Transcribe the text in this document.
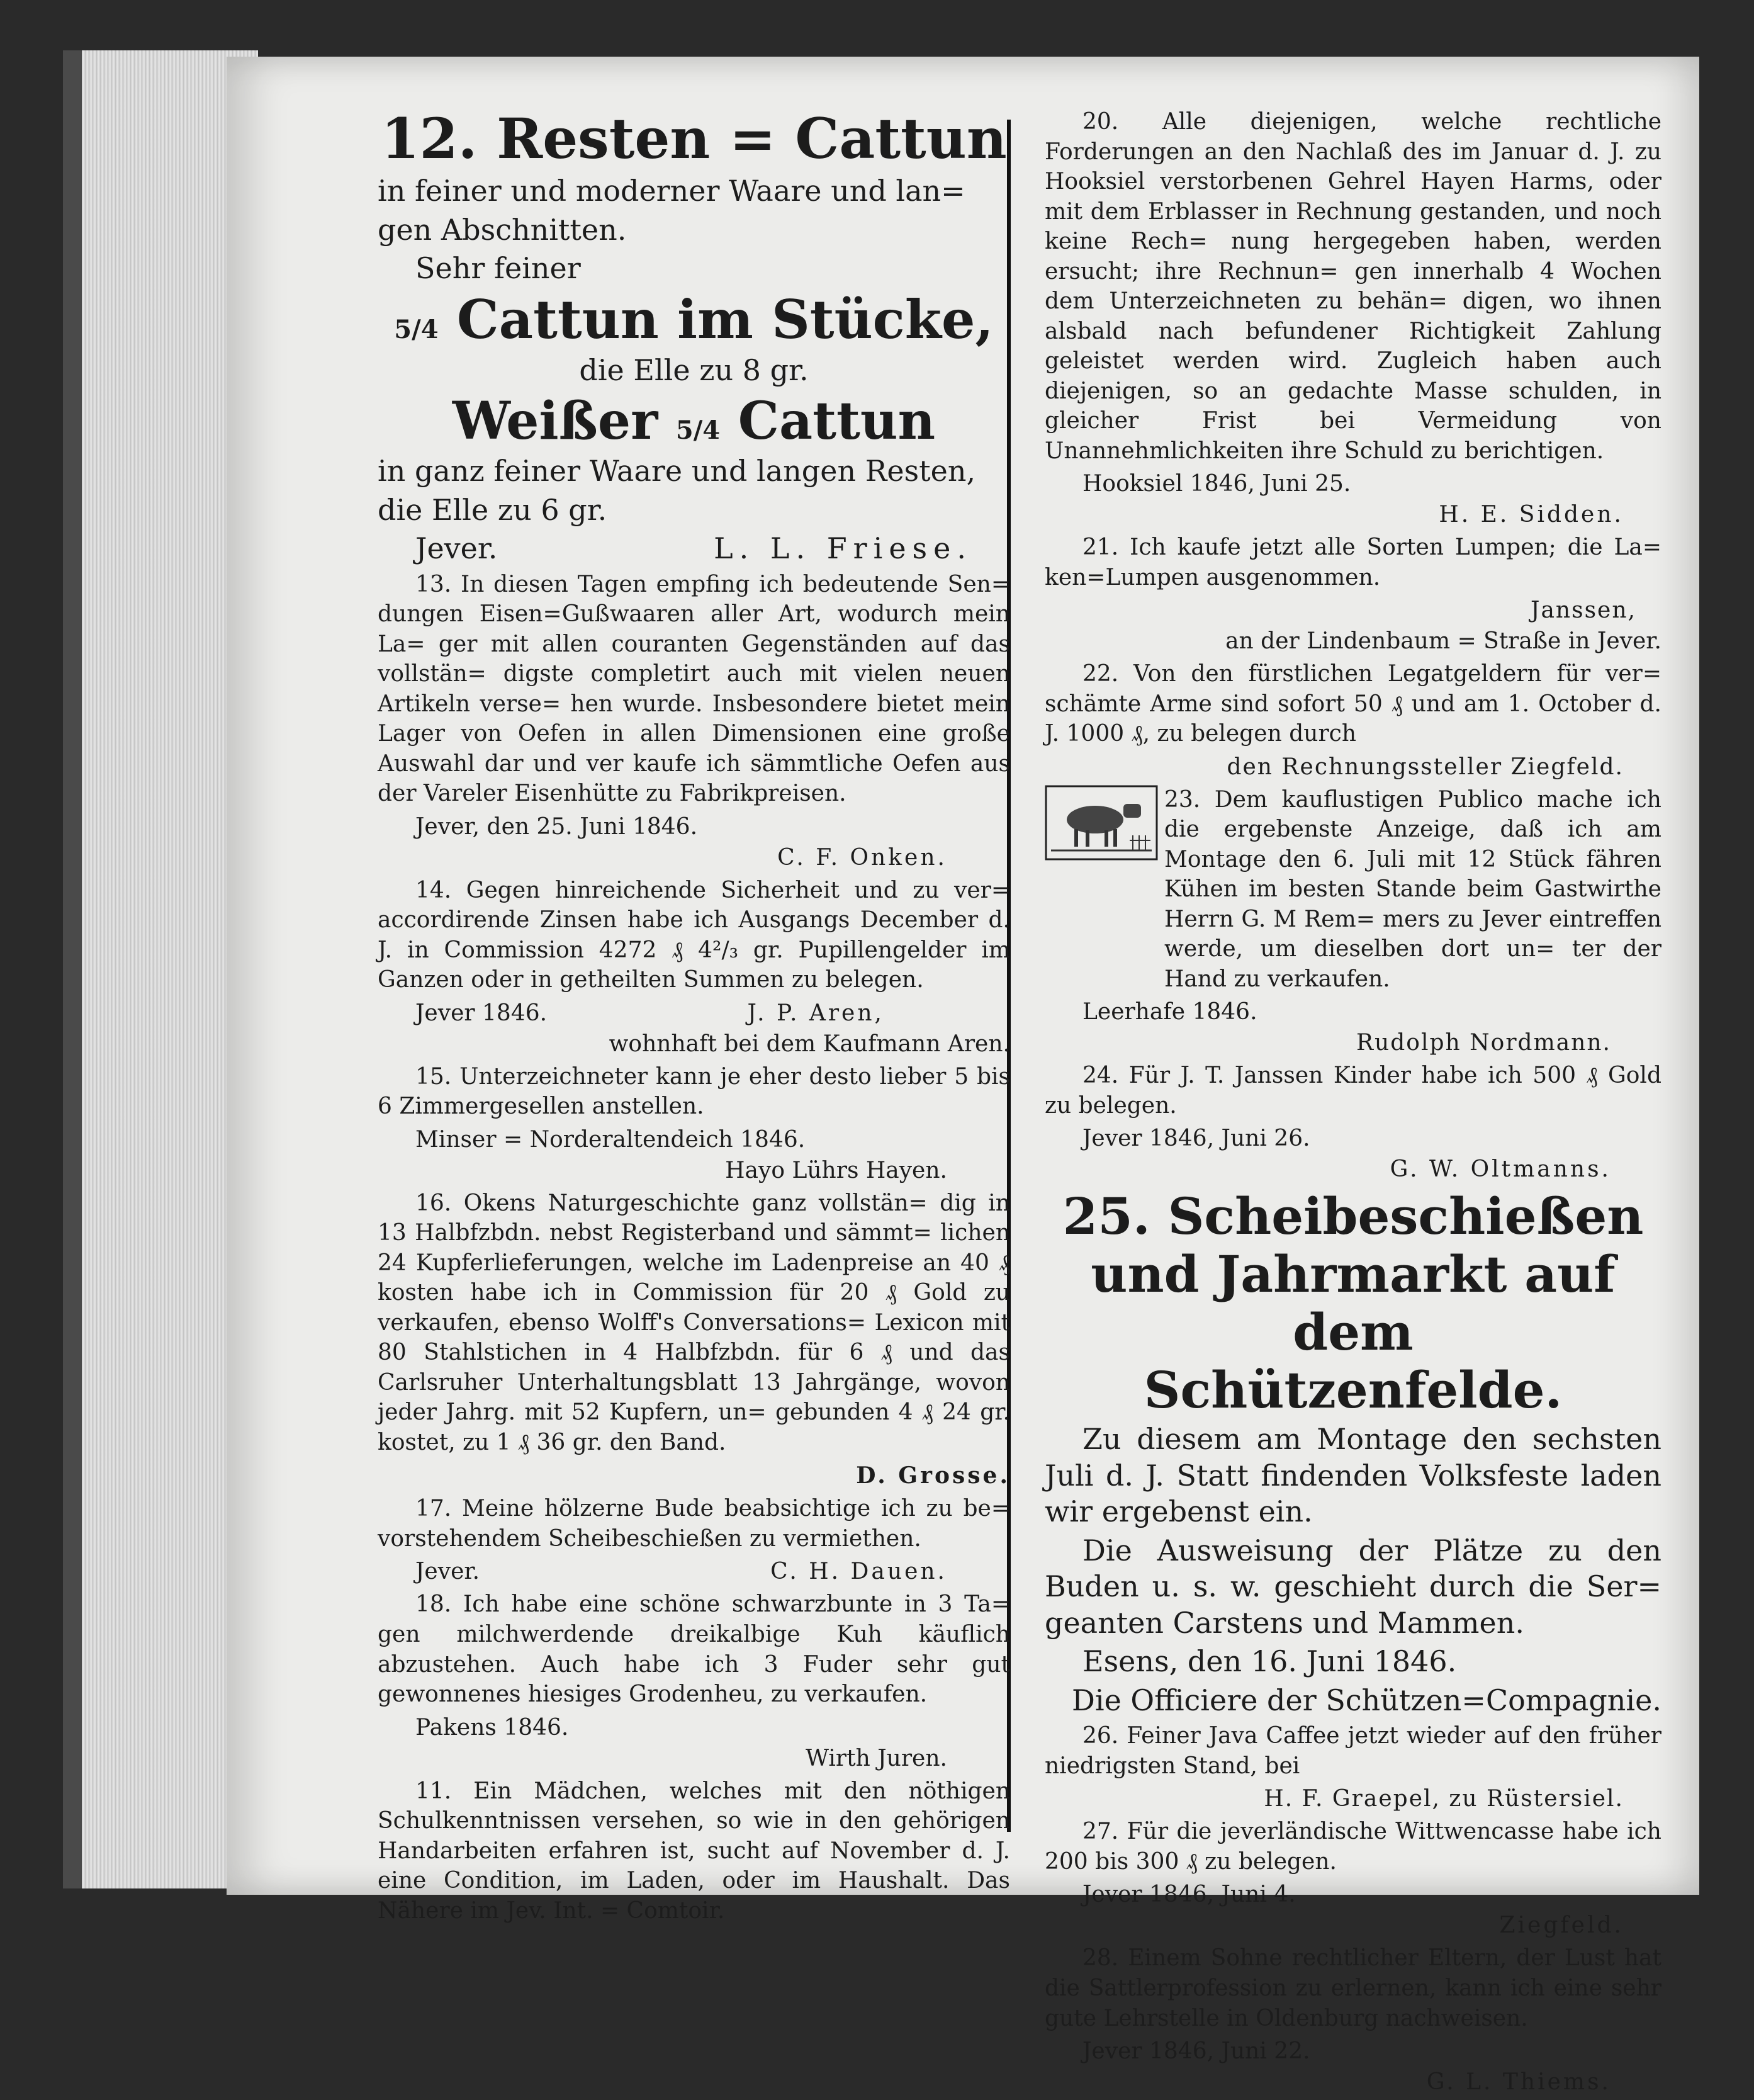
12. Resten = Cattun

in feiner und moderner Waare und lan=

gen Abschnitten.

Sehr feiner

5/4 Cattun im Stücke,

die Elle zu 8 gr.

Weißer 5/4 Cattun

in ganz feiner Waare und langen Resten,

die Elle zu 6 gr.

Jever.	L. L. Friese.

13. In diesen Tagen empfing ich bedeutende Sen= dungen Eisen=Gußwaaren aller Art, wodurch mein La= ger mit allen couranten Gegenständen auf das vollstän= digste completirt auch mit vielen neuen Artikeln verse= hen wurde. Insbesondere bietet mein Lager von Oefen in allen Dimensionen eine große Auswahl dar und ver kaufe ich sämmtliche Oefen aus der Vareler Eisenhütte zu Fabrikpreisen.

Jever, den 25. Juni 1846.

C. F. Onken.

14. Gegen hinreichende Sicherheit und zu ver= accordirende Zinsen habe ich Ausgangs December d. J. in Commission 4272 ₰ 4²/₃ gr. Pupillengelder im Ganzen oder in getheilten Summen zu belegen.

Jever 1846.	J. P. Aren,

wohnhaft bei dem Kaufmann Aren.

15. Unterzeichneter kann je eher desto lieber 5 bis 6 Zimmergesellen anstellen.

Minser = Norderaltendeich 1846.

Hayo Lührs Hayen.

16. Okens Naturgeschichte ganz vollstän= dig in 13 Halbfzbdn. nebst Registerband und sämmt= lichen 24 Kupferlieferungen, welche im Ladenpreise an 40 ₰ kosten habe ich in Commission für 20 ₰ Gold zu verkaufen, ebenso Wolff's Conversations= Lexicon mit 80 Stahlstichen in 4 Halbfzbdn. für 6 ₰ und das Carlsruher Unterhaltungsblatt 13 Jahrgänge, wovon jeder Jahrg. mit 52 Kupfern, un= gebunden 4 ₰ 24 gr. kostet, zu 1 ₰ 36 gr. den Band.

D. Grosse.

17. Meine hölzerne Bude beabsichtige ich zu be= vorstehendem Scheibeschießen zu vermiethen.

Jever.	C. H. Dauen.

18. Ich habe eine schöne schwarzbunte in 3 Ta= gen milchwerdende dreikalbige Kuh käuflich abzustehen. Auch habe ich 3 Fuder sehr gut gewonnenes hiesiges Grodenheu, zu verkaufen.

Pakens 1846.

Wirth Juren.

11. Ein Mädchen, welches mit den nöthigen Schulkenntnissen versehen, so wie in den gehörigen Handarbeiten erfahren ist, sucht auf November d. J. eine Condition, im Laden, oder im Haushalt. Das Nähere im Jev. Int. = Comtoir.

20. Alle diejenigen, welche rechtliche Forderungen an den Nachlaß des im Januar d. J. zu Hooksiel verstorbenen Gehrel Hayen Harms, oder mit dem Erblasser in Rechnung gestanden, und noch keine Rech= nung hergegeben haben, werden ersucht; ihre Rechnun= gen innerhalb 4 Wochen dem Unterzeichneten zu behän= digen, wo ihnen alsbald nach befundener Richtigkeit Zahlung geleistet werden wird. Zugleich haben auch diejenigen, so an gedachte Masse schulden, in gleicher Frist bei Vermeidung von Unannehmlichkeiten ihre Schuld zu berichtigen.

Hooksiel 1846, Juni 25.

H. E. Sidden.

21. Ich kaufe jetzt alle Sorten Lumpen; die La= ken=Lumpen ausgenommen.

Janssen,

an der Lindenbaum = Straße in Jever.

22. Von den fürstlichen Legatgeldern für ver= schämte Arme sind sofort 50 ₰ und am 1. October d. J. 1000 ₰, zu belegen durch

den Rechnungssteller Ziegfeld.

23. Dem kauflustigen Publico mache ich die ergebenste Anzeige, daß ich am Montage den 6. Juli mit 12 Stück fähren Kühen im besten Stande beim Gastwirthe Herrn G. M Rem= mers zu Jever eintreffen werde, um dieselben dort un= ter der Hand zu verkaufen.

Leerhafe 1846.

Rudolph Nordmann.

24. Für J. T. Janssen Kinder habe ich 500 ₰ Gold zu belegen.

Jever 1846, Juni 26.

G. W. Oltmanns.

25. Scheibeschießen

und Jahrmarkt auf dem

Schützenfelde.

Zu diesem am Montage den sechsten Juli d. J. Statt findenden Volksfeste laden wir ergebenst ein.

Die Ausweisung der Plätze zu den Buden u. s. w. geschieht durch die Ser= geanten Carstens und Mammen.

Esens, den 16. Juni 1846.

Die Officiere der Schützen=Compagnie.

26. Feiner Java Caffee jetzt wieder auf den früher niedrigsten Stand, bei

H. F. Graepel, zu Rüstersiel.

27. Für die jeverländische Wittwencasse habe ich 200 bis 300 ₰ zu belegen.

Jever 1846, Juni 4.

Ziegfeld.

28. Einem Sohne rechtlicher Eltern, der Lust hat die Sattlerprofession zu erlernen, kann ich eine sehr gute Lehrstelle in Oldenburg nachweisen.

Jever 1846, Juni 22.

G. L. Thiems.
